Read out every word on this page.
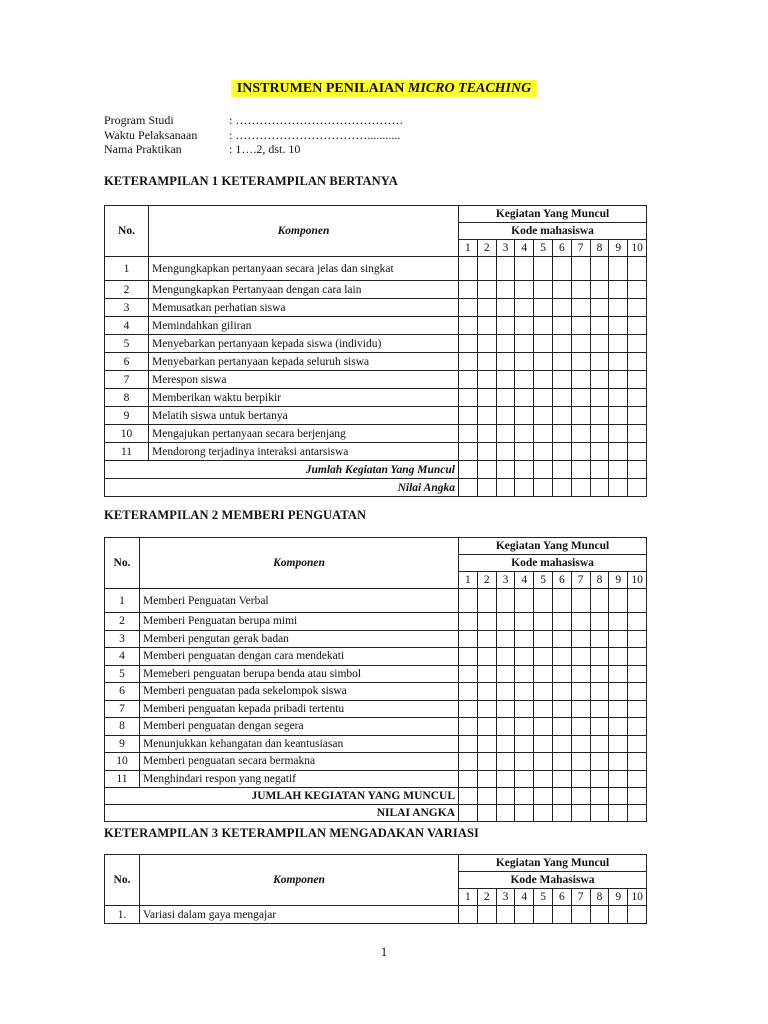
INSTRUMEN PENILAIAN MICRO TEACHING
Program Studi	: ……………………………………
Waktu Pelaksanaan	: ……………………………...........
Nama Praktikan	: 1….2, dst. 10
KETERAMPILAN 1 KETERAMPILAN BERTANYA
No.	Komponen	Kegiatan Yang Muncul									
		Kode mahasiswa									
		1	2	3	4	5	6	7	8	9	10
1	Mengungkapkan pertanyaan secara jelas dan singkat										
2	Mengungkapkan Pertanyaan dengan cara lain										
3	Memusatkan perhatian siswa										
4	Memindahkan giliran										
5	Menyebarkan pertanyaan kepada siswa (individu)										
6	Menyebarkan pertanyaan kepada seluruh siswa										
7	Merespon siswa										
8	Memberikan waktu berpikir										
9	Melatih siswa untuk bertanya										
10	Mengajukan pertanyaan secara berjenjang										
11	Mendorong terjadinya interaksi antarsiswa										
Jumlah Kegiatan Yang Muncul											
Nilai Angka											
KETERAMPILAN 2 MEMBERI PENGUATAN
No.	Komponen	Kegiatan Yang Muncul									
		Kode mahasiswa									
		1	2	3	4	5	6	7	8	9	10
1	Memberi Penguatan Verbal										
2	Memberi Penguatan berupa mimi										
3	Memberi pengutan gerak badan										
4	Memberi penguatan dengan cara mendekati										
5	Memeberi penguatan berupa benda atau simbol										
6	Memberi penguatan pada sekelompok siswa										
7	Memberi penguatan kepada pribadi tertentu										
8	Memberi penguatan dengan segera										
9	Menunjukkan kehangatan dan keantusiasan										
10	Memberi penguatan secara bermakna										
11	Menghindari respon yang negatif										
JUMLAH KEGIATAN YANG MUNCUL											
NILAI ANGKA											
KETERAMPILAN 3 KETERAMPILAN MENGADAKAN VARIASI
No.	Komponen	Kegiatan Yang Muncul									
		Kode Mahasiswa									
		1	2	3	4	5	6	7	8	9	10
1.	Variasi dalam gaya mengajar										
1
